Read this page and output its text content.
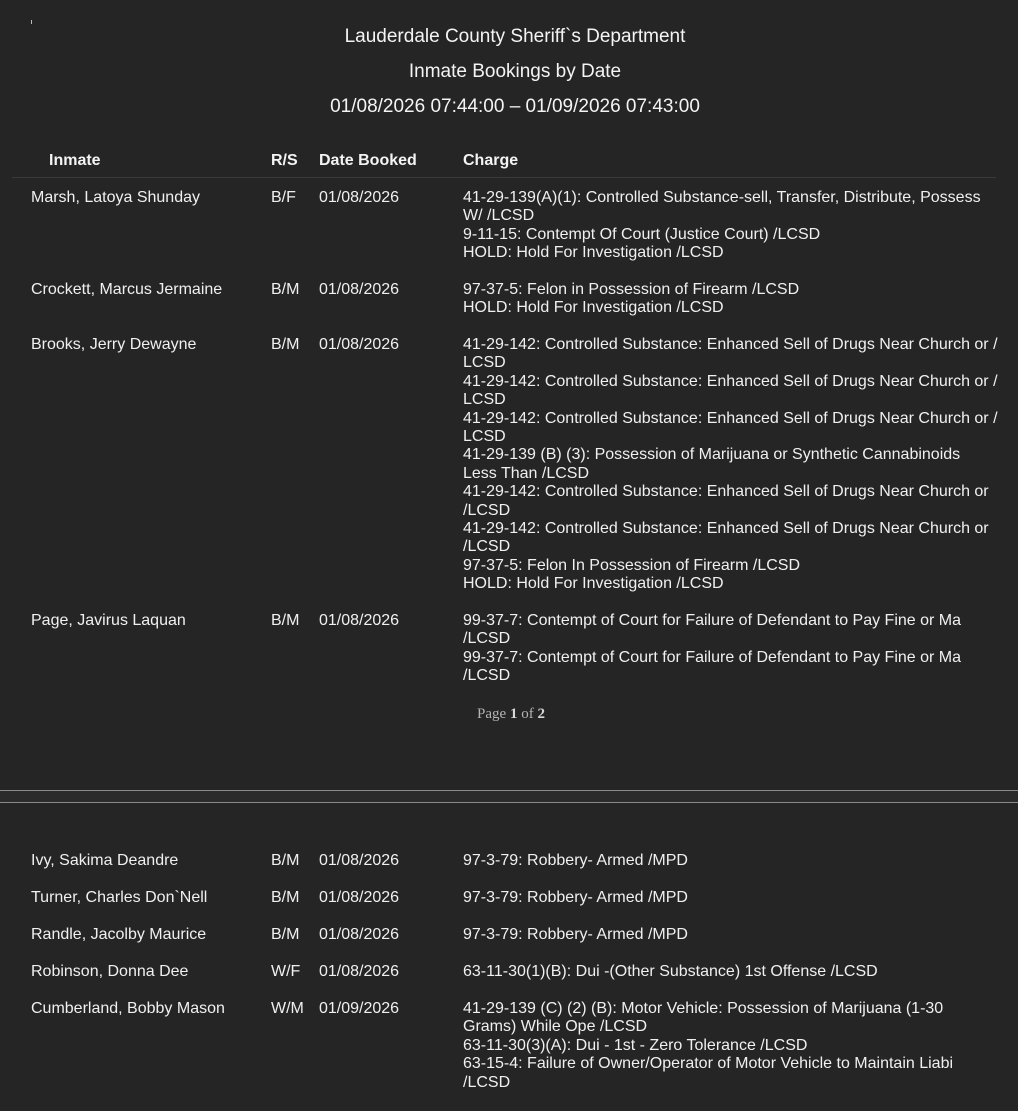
Lauderdale County Sheriff`s Department
Inmate Bookings by Date
01/08/2026 07:44:00 – 01/09/2026 07:43:00
Inmate	R/S Date Booked	Charge
Marsh, Latoya Shunday	B/F 01/08/2026	41-29-139(A)(1): Controlled Substance-sell, Transfer, Distribute, Possess W/ /LCSD
9-11-15: Contempt Of Court (Justice Court) /LCSD
HOLD: Hold For Investigation /LCSD
Crockett, Marcus Jermaine	B/M 01/08/2026	97-37-5: Felon in Possession of Firearm /LCSD
HOLD: Hold For Investigation /LCSD
Brooks, Jerry Dewayne	B/M 01/08/2026	41-29-142: Controlled Substance: Enhanced Sell of Drugs Near Church or / LCSD
41-29-142: Controlled Substance: Enhanced Sell of Drugs Near Church or / LCSD
41-29-142: Controlled Substance: Enhanced Sell of Drugs Near Church or / LCSD
41-29-139 (B) (3): Possession of Marijuana or Synthetic Cannabinoids Less Than /LCSD
41-29-142: Controlled Substance: Enhanced Sell of Drugs Near Church or /LCSD
41-29-142: Controlled Substance: Enhanced Sell of Drugs Near Church or /LCSD
97-37-5: Felon In Possession of Firearm /LCSD
HOLD: Hold For Investigation /LCSD
Page, Javirus Laquan	B/M 01/08/2026	99-37-7: Contempt of Court for Failure of Defendant to Pay Fine or Ma /LCSD
99-37-7: Contempt of Court for Failure of Defendant to Pay Fine or Ma /LCSD
Page 1 of 2
Ivy, Sakima Deandre	B/M 01/08/2026	97-3-79: Robbery- Armed /MPD
Turner, Charles Don`Nell	B/M 01/08/2026	97-3-79: Robbery- Armed /MPD
Randle, Jacolby Maurice	B/M 01/08/2026	97-3-79: Robbery- Armed /MPD
Robinson, Donna Dee	W/F 01/08/2026	63-11-30(1)(B): Dui -(Other Substance) 1st Offense /LCSD
Cumberland, Bobby Mason	W/M 01/09/2026	41-29-139 (C) (2) (B): Motor Vehicle: Possession of Marijuana (1-30 Grams) While Ope /LCSD
63-11-30(3)(A): Dui - 1st - Zero Tolerance /LCSD
63-15-4: Failure of Owner/Operator of Motor Vehicle to Maintain Liabi /LCSD
